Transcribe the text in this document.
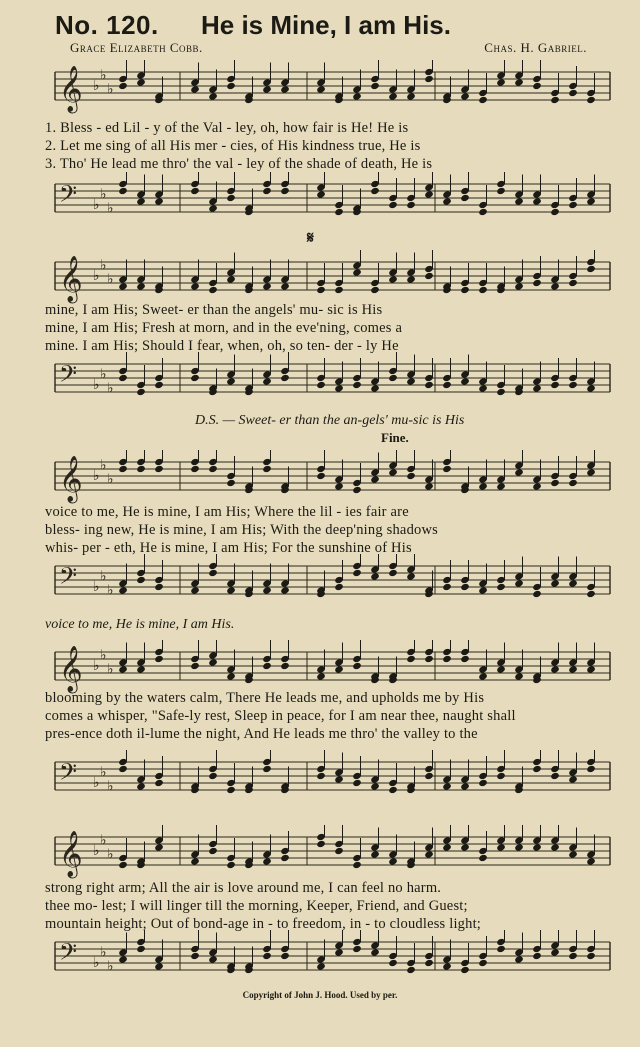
No. 120. He is Mine, I am His.
Grace Elizabeth Cobb.	Chas. H. Gabriel.
𝄞 ♭
♭
♭
1. Bless - ed Lil - y of the Val - ley, oh, how fair is He! He is
2. Let me sing of all His mer - cies, of His kindness true, He is
3. Tho' He lead me thro' the val - ley of the shade of death, He is
𝄢 ♭
♭
♭
𝄋
𝄞 ♭
♭
♭
mine, I am His; Sweet- er than the angels' mu- sic is His
mine, I am His; Fresh at morn, and in the eve'ning, comes a
mine. I am His; Should I fear, when, oh, so ten- der - ly He
𝄢 ♭
♭
♭
D.S. — Sweet- er than the an-gels' mu-sic is His
Fine.
𝄞 ♭
♭
♭
voice to me, He is mine, I am His; Where the lil - ies fair are
bless- ing new, He is mine, I am His; With the deep'ning shadows
whis- per - eth, He is mine, I am His; For the sunshine of His
𝄢 ♭
♭
♭
voice to me, He is mine, I am His.
𝄞 ♭
♭
♭
blooming by the waters calm, There He leads me, and upholds me by His
comes a whisper, "Safe-ly rest, Sleep in peace, for I am near thee, naught shall
pres-ence doth il-lume the night, And He leads me thro' the valley to the
𝄢 ♭
♭
♭
𝄞 ♭
♭
♭
strong right arm; All the air is love around me, I can feel no harm.
thee mo- lest; I will linger till the morning, Keeper, Friend, and Guest;
mountain height; Out of bond-age in - to freedom, in - to cloudless light;
𝄢 ♭
♭
♭
Copyright of John J. Hood. Used by per.
